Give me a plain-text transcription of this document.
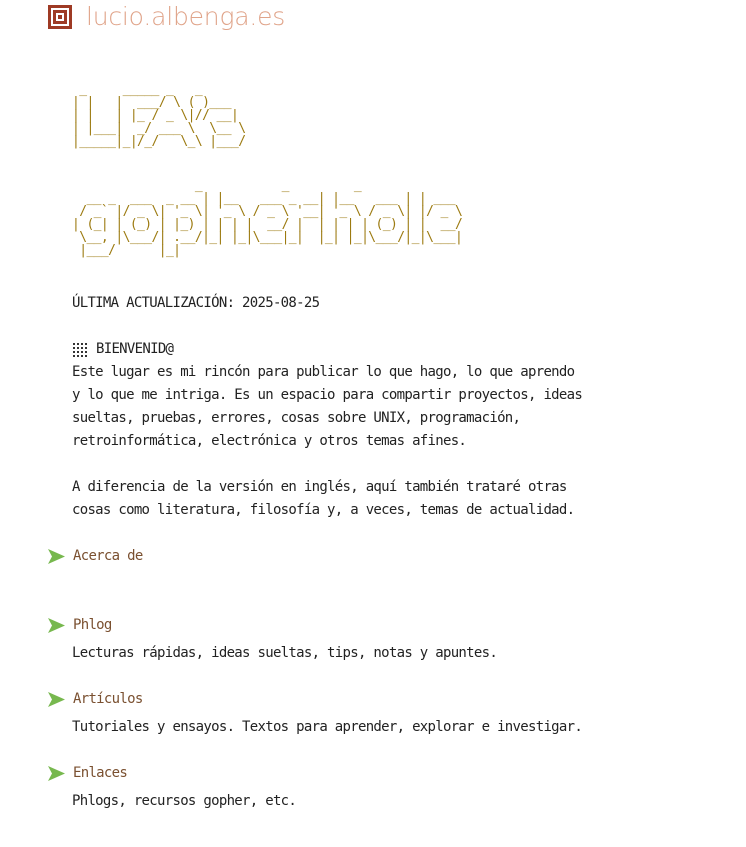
lucio.albenga.es
_     _____ _   _
| |   |  ___/ \ ( )___
| |   | |_ / _ \|// __|
| |___|  _/ ___ \  \__ \
|_____|_|/_/   \_\ |___/
_           _         _
__ _  ___  _ __ | |__   ___ _ __| |__   ___ | | ___
/ _` |/ _ \| '_ \| '_ \ / _ \ '__| '_ \ / _ \| |/ _ \
| (_| | (_) | |_) | | | |  __/ |  | | | | (_) | |  __/
\__, |\___/| .__/|_| |_|\___|_|  |_| |_|\___/|_|\___|
|___/      |_|

ÚLTIMA ACTUALIZACIÓN: 2025-08-25

BIENVENID@

Este lugar es mi rincón para publicar lo que hago, lo que aprendo
y lo que me intriga. Es un espacio para compartir proyectos, ideas
sueltas, pruebas, errores, cosas sobre UNIX, programación,
retroinformática, electrónica y otros temas afines.

A diferencia de la versión en inglés, aquí también trataré otras
cosas como literatura, filosofía y, a veces, temas de actualidad.

Acerca de
Phlog
Lecturas rápidas, ideas sueltas, tips, notas y apuntes.
Artículos
Tutoriales y ensayos. Textos para aprender, explorar e investigar.
Enlaces
Phlogs, recursos gopher, etc.
